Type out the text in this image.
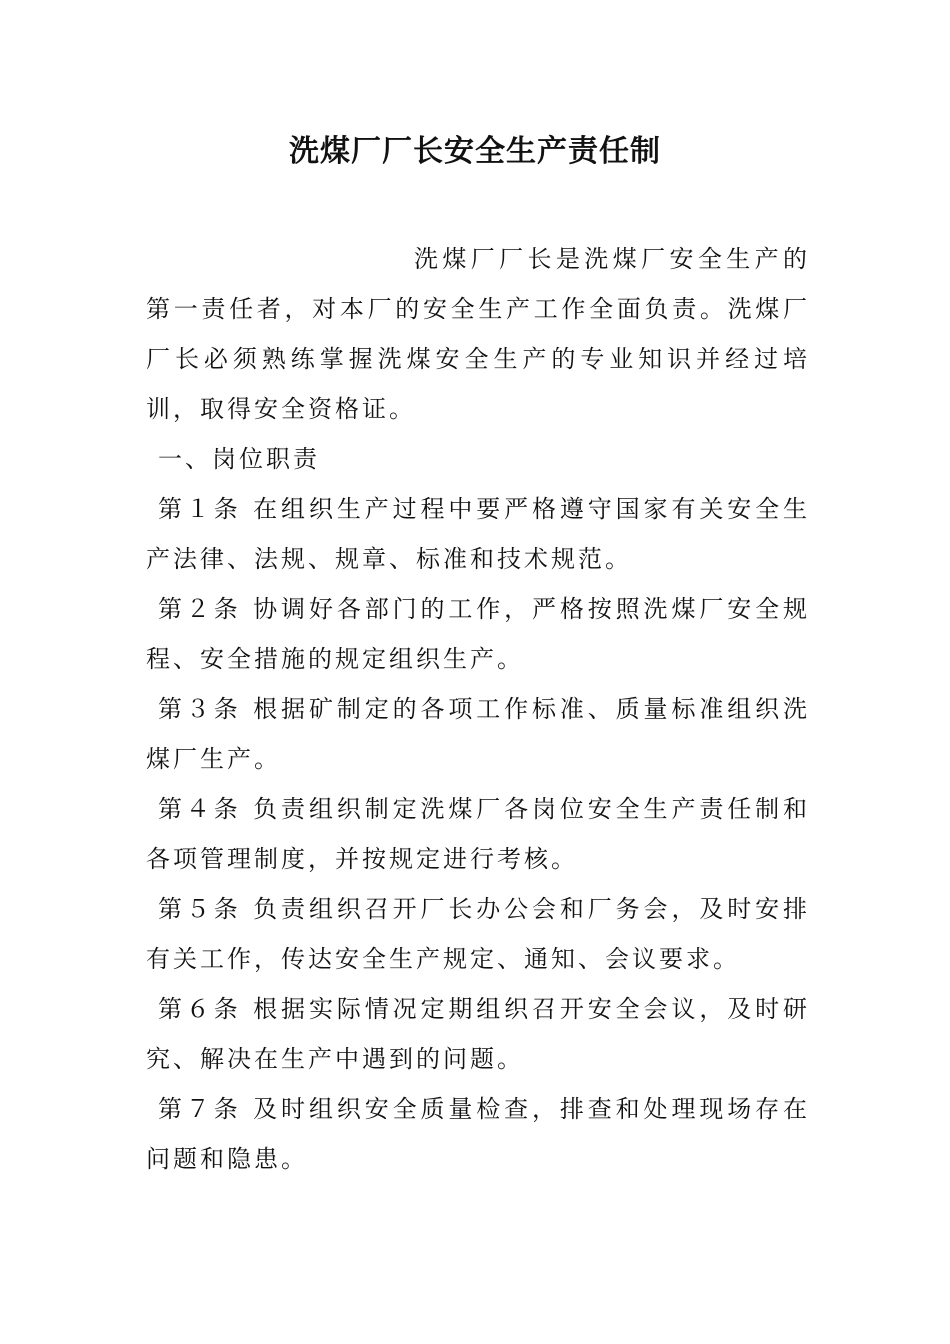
洗煤厂厂长安全生产责任制

洗煤厂厂长是洗煤厂安全生产的第一责任者，对本厂的安全生产工作全面负责。洗煤厂厂长必须熟练掌握洗煤安全生产的专业知识并经过培训，取得安全资格证。

一、岗位职责

第１条 在组织生产过程中要严格遵守国家有关安全生产法律、法规、规章、标准和技术规范。

第２条 协调好各部门的工作，严格按照洗煤厂安全规程、安全措施的规定组织生产。

第３条 根据矿制定的各项工作标准、质量标准组织洗煤厂生产。

第４条 负责组织制定洗煤厂各岗位安全生产责任制和各项管理制度，并按规定进行考核。

第５条 负责组织召开厂长办公会和厂务会，及时安排有关工作，传达安全生产规定、通知、会议要求。

第６条 根据实际情况定期组织召开安全会议，及时研究、解决在生产中遇到的问题。

第７条 及时组织安全质量检查，排查和处理现场存在问题和隐患。
